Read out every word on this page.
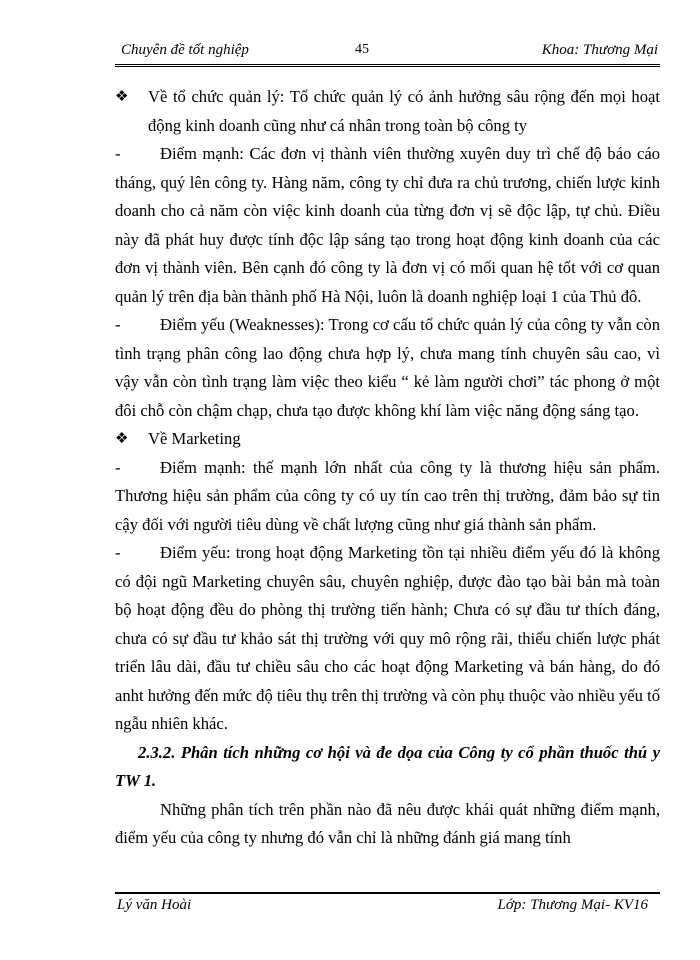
Chuyên đề tốt nghiệp	45	Khoa: Thương Mại

❖ Về tổ chức quản lý: Tổ chức quản lý có ảnh hưởng sâu rộng đến mọi hoạt động kinh doanh cũng như cá nhân trong toàn bộ công ty

- Điểm mạnh: Các đơn vị thành viên thường xuyên duy trì chế độ báo cáo tháng, quý lên công ty. Hàng năm, công ty chỉ đưa ra chủ trương, chiến lược kinh doanh cho cả năm còn việc kinh doanh của từng đơn vị sẽ độc lập, tự chủ. Điều này đã phát huy được tính độc lập sáng tạo trong hoạt động kinh doanh của các đơn vị thành viên. Bên cạnh đó công ty là đơn vị có mối quan hệ tốt với cơ quan quản lý trên địa bàn thành phố Hà Nội, luôn là doanh nghiệp loại 1 của Thủ đô.

- Điểm yếu (Weaknesses): Trong cơ cấu tổ chức quản lý của công ty vẫn còn tình trạng phân công lao động chưa hợp lý, chưa mang tính chuyên sâu cao, vì vậy vẫn còn tình trạng làm việc theo kiểu “ kẻ làm người chơi” tác phong ở một đôi chỗ còn chậm chạp, chưa tạo được không khí làm việc năng động sáng tạo.

❖ Về Marketing

- Điểm mạnh: thế mạnh lớn nhất của công ty là thương hiệu sản phẩm. Thương hiệu sản phẩm của công ty có uy tín cao trên thị trường, đảm bảo sự tin cậy đối với người tiêu dùng về chất lượng cũng như giá thành sản phẩm.

- Điểm yếu: trong hoạt động Marketing tồn tại nhiều điểm yếu đó là không có đội ngũ Marketing chuyên sâu, chuyên nghiệp, được đào tạo bài bản mà toàn bộ hoạt động đều do phòng thị trường tiến hành; Chưa có sự đầu tư thích đáng, chưa có sự đầu tư khảo sát thị trường với quy mô rộng rãi, thiếu chiến lược phát triển lâu dài, đầu tư chiều sâu cho các hoạt động Marketing và bán hàng, do đó anht hưởng đến mức độ tiêu thụ trên thị trường và còn phụ thuộc vào nhiều yếu tố ngẫu nhiên khác.

2.3.2. Phân tích những cơ hội và đe dọa của Công ty cổ phần thuốc thú y TW 1.

Những phân tích trên phần nào đã nêu được khái quát những điểm mạnh, điểm yếu của công ty nhưng đó vẫn chỉ là những đánh giá mang tính

Lý văn Hoài	Lớp: Thương Mại- KV16
